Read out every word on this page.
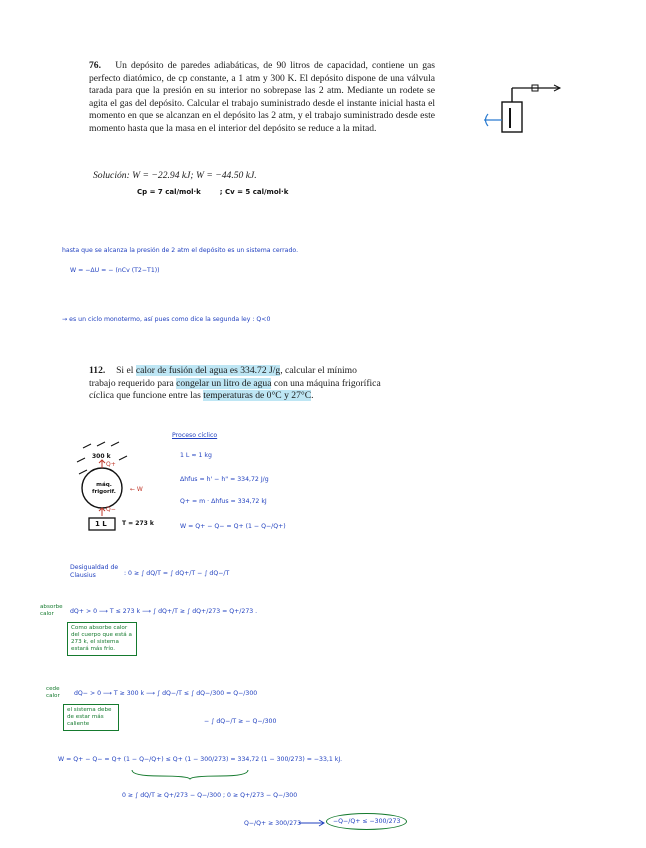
76. Un depósito de paredes adiabáticas, de 90 litros de capacidad, contiene un gas perfecto diatómico, de cp constante, a 1 atm y 300 K. El depósito dispone de una válvula tarada para que la presión en su interior no sobrepase las 2 atm. Mediante un rodete se agita el gas del depósito. Calcular el trabajo suministrado desde el instante inicial hasta el momento en que se alcanzan en el depósito las 2 atm, y el trabajo suministrado desde este momento hasta que la masa en el interior del depósito se reduce a la mitad.
Solución: W = −22.94 kJ; W = −44.50 kJ.
Cp = 7 cal/mol·k	; Cv = 5 cal/mol·k
hasta que se alcanza la presión de 2 atm el depósito es un sistema cerrado.
W = −ΔU = − (nCv (T2−T1))
→ es un ciclo monotermo, así pues como dice la segunda ley : Q<0
112. Si el calor de fusión del agua es 334.72 J/g, calcular el mínimo
trabajo requerido para congelar un litro de agua con una máquina frigorífica
cíclica que funcione entre las temperaturas de 0°C y 27°C.
300 k
Q+
máq. frigorif. ← W
Q−
1 L	T = 273 k
Proceso cíclico
1 L ≈ 1 kg
Δhfus = h' − h" = 334,72 J/g
Q+ = m · Δhfus = 334,72 kJ
W = Q+ − Q− = Q+ (1 − Q−/Q+)
Desigualdad de Clausius	: 0 ≥ ∫ dQ/T = ∫ dQ+/T − ∫ dQ−/T
absorbe calor	dQ+ > 0 ⟶ T ≤ 273 k ⟶ ∫ dQ+/T ≥ ∫ dQ+/273 = Q+/273 .
Como absorbe calor del cuerpo que está a 273 k, el sistema estará más frío.
cede calor	dQ− > 0 ⟶ T ≥ 300 k ⟶ ∫ dQ−/T ≤ ∫ dQ−/300 = Q−/300
− ∫ dQ−/T ≥ − Q−/300
el sistema debe de estar más caliente
W = Q+ − Q− = Q+ (1 − Q−/Q+) ≤ Q+ (1 − 300/273) = 334,72 (1 − 300/273) = −33,1 kJ.
0 ≥ ∫ dQ/T ≥ Q+/273 − Q−/300 ; 0 ≥ Q+/273 − Q−/300
Q−/Q+ ≥ 300/273	−Q−/Q+ ≤ −300/273
